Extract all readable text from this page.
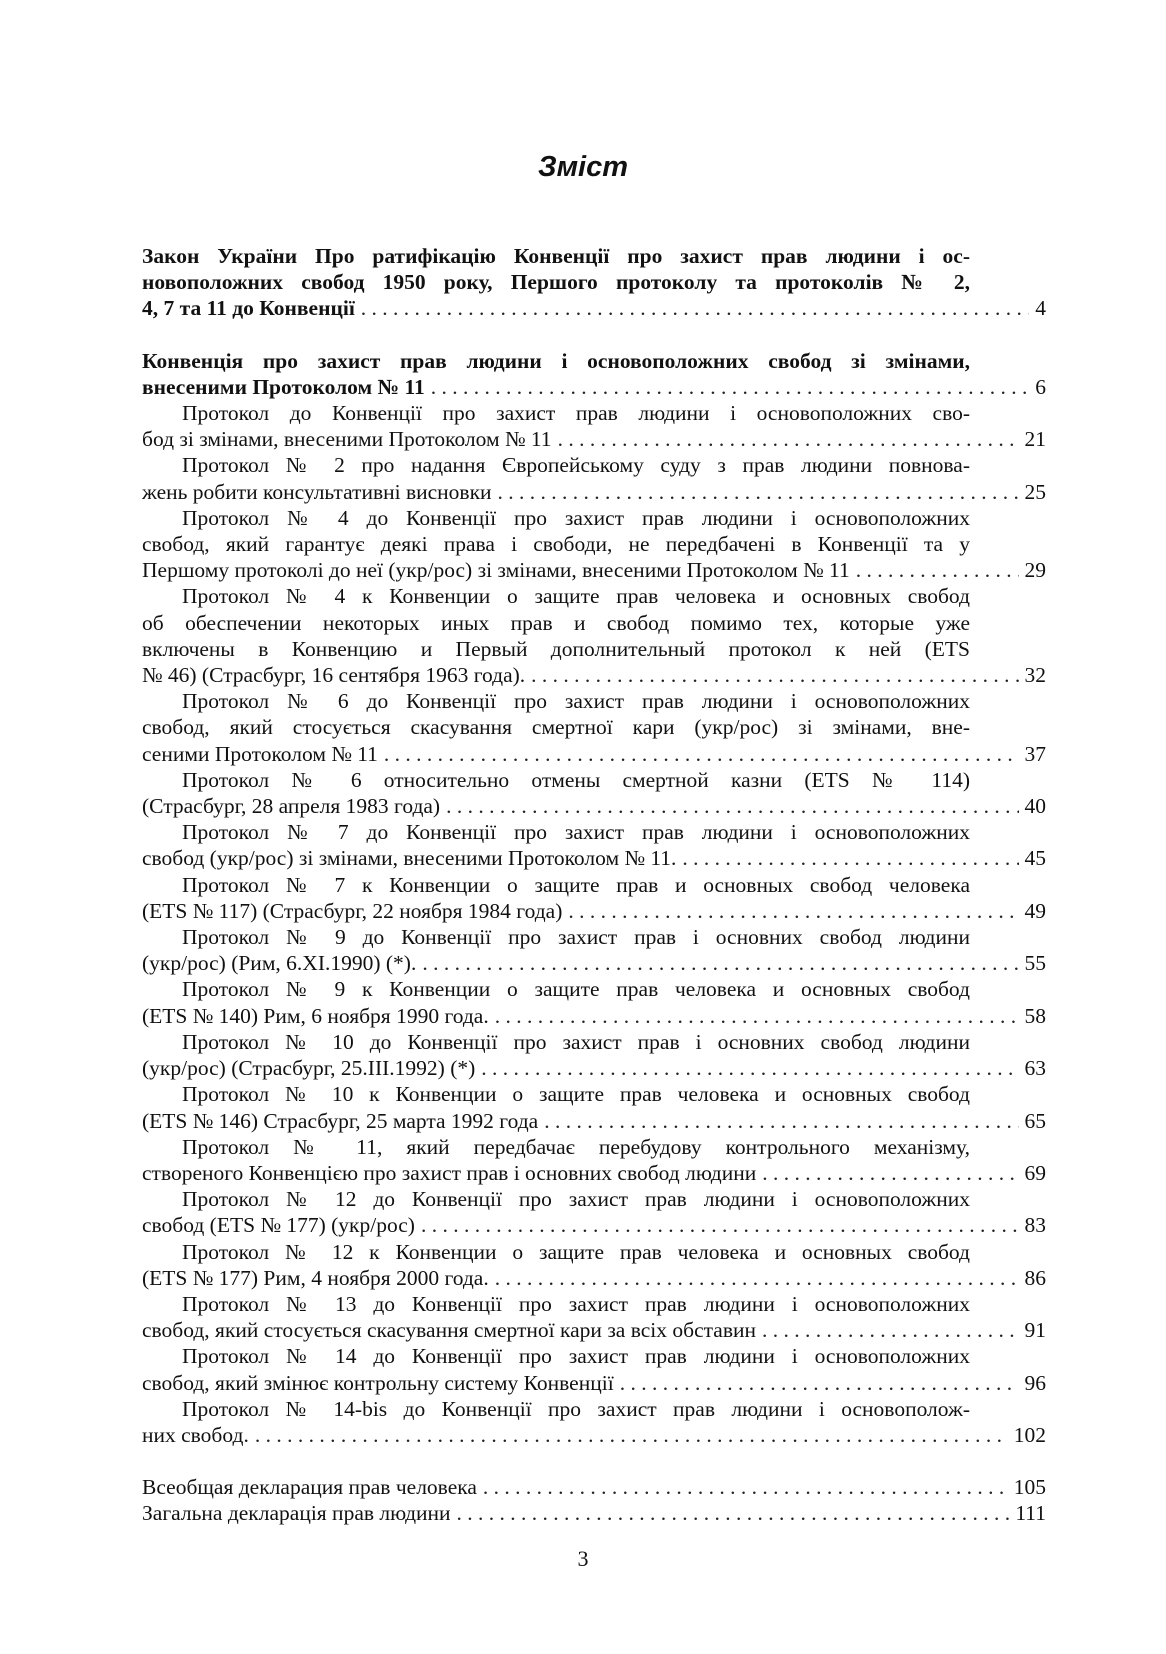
Зміст
Закон України Про ратифікацію Конвенції про захист прав людини і ос-
новоположних свобод 1950 року, Першого протоколу та протоколів № 2,
4, 7 та 11 до Конвенції . . .	4
Конвенція про захист прав людини і основоположних свобод зі змінами,
внесеними Протоколом № 11 . . .	6
Протокол до Конвенції про захист прав людини і основоположних сво-
бод зі змінами, внесеними Протоколом № 11 . . .	21
Протокол № 2 про надання Європейському суду з прав людини повнова-
жень робити консультативні висновки . . .	25
Протокол № 4 до Конвенції про захист прав людини і основоположних
свобод, який гарантує деякі права і свободи, не передбачені в Конвенції та у
Першому протоколі до неї (укр/рос) зі змінами, внесеними Протоколом № 11 . . .	29
Протокол № 4 к Конвенции о защите прав человека и основных свобод
об обеспечении некоторых иных прав и свобод помимо тех, которые уже
включены в Конвенцию и Первый дополнительный протокол к ней (ETS
№ 46) (Страсбург, 16 сентября 1963 года). . . .	32
Протокол № 6 до Конвенції про захист прав людини і основоположних
свобод, який стосується скасування смертної кари (укр/рос) зі змінами, вне-
сеними Протоколом № 11 . . .	37
Протокол № 6 относительно отмены смертной казни (ETS № 114)
(Страсбург, 28 апреля 1983 года) . . .	40
Протокол № 7 до Конвенції про захист прав людини і основоположних
свобод (укр/рос) зі змінами, внесеними Протоколом № 11. . . .	45
Протокол № 7 к Конвенции о защите прав и основных свобод человека
(ETS № 117) (Страсбург, 22 ноября 1984 года) . . .	49
Протокол № 9 до Конвенції про захист прав і основних свобод людини
(укр/рос) (Рим, 6.XI.1990) (*). . . .	55
Протокол № 9 к Конвенции о защите прав человека и основных свобод
(ETS № 140) Рим, 6 ноября 1990 года. . . .	58
Протокол № 10 до Конвенції про захист прав і основних свобод людини
(укр/рос) (Страсбург, 25.III.1992) (*) . . .	63
Протокол № 10 к Конвенции о защите прав человека и основных свобод
(ETS № 146) Страсбург, 25 марта 1992 года . . .	65
Протокол № 11, який передбачає перебудову контрольного механізму,
створеного Конвенцією про захист прав і основних свобод людини . . .	69
Протокол № 12 до Конвенції про захист прав людини і основоположних
свобод (ETS № 177) (укр/рос) . . .	83
Протокол № 12 к Конвенции о защите прав человека и основных свобод
(ETS № 177) Рим, 4 ноября 2000 года. . . .	86
Протокол № 13 до Конвенції про захист прав людини і основоположних
свобод, який стосується скасування смертної кари за всіх обставин . . .	91
Протокол № 14 до Конвенції про захист прав людини і основоположних
свобод, який змінює контрольну систему Конвенції . . .	96
Протокол № 14-bis до Конвенції про захист прав людини і основополож-
них свобод. . . .	102
Всеобщая декларация прав человека . . .	105
Загальна декларація прав людини . . .	111
3
